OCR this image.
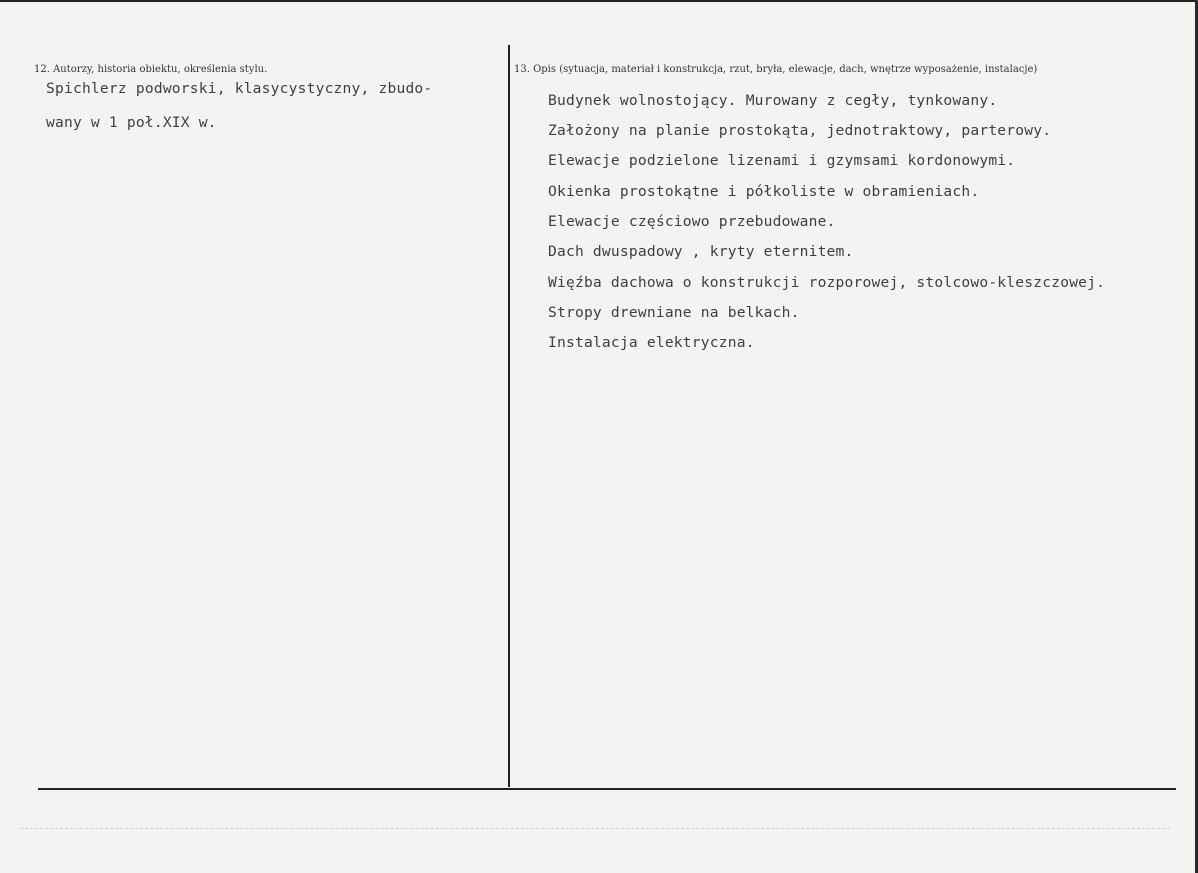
12. Autorzy, historia obiektu, określenia stylu.
Spichlerz podworski, klasycystyczny, zbudo-
wany w 1 poł.XIX w.
13. Opis (sytuacja, materiał i konstrukcja, rzut, bryła, elewacje, dach, wnętrze wyposażenie, instalacje)
Budynek wolnostojący. Murowany z cegły, tynkowany.
Założony na planie prostokąta, jednotraktowy, parterowy.
Elewacje podzielone lizenami i gzymsami kordonowymi.
Okienka prostokątne i półkoliste w obramieniach.
Elewacje częściowo przebudowane.
Dach dwuspadowy , kryty eternitem.
Więźba dachowa o konstrukcji rozporowej, stolcowo-kleszczowej.
Stropy drewniane na belkach.
Instalacja elektryczna.
